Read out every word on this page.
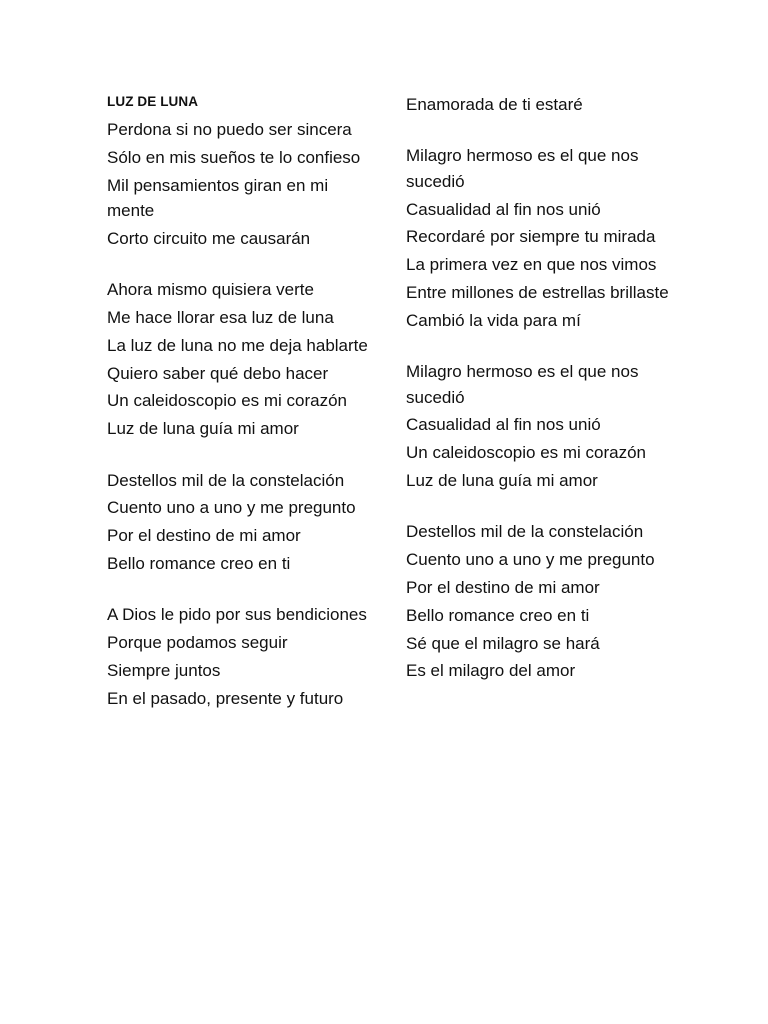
LUZ DE LUNA
Perdona si no puedo ser sincera
Sólo en mis sueños te lo confieso
Mil pensamientos giran en mi mente
Corto circuito me causarán
Ahora mismo quisiera verte
Me hace llorar esa luz de luna
La luz de luna no me deja hablarte
Quiero saber qué debo hacer
Un caleidoscopio es mi corazón
Luz de luna guía mi amor
Destellos mil de la constelación
Cuento uno a uno y me pregunto
Por el destino de mi amor
Bello romance creo en ti
A Dios le pido por sus bendiciones
Porque podamos seguir
Siempre juntos
En el pasado, presente y futuro
Enamorada de ti estaré
Milagro hermoso es el que nos sucedió
Casualidad al fin nos unió
Recordaré por siempre tu mirada
La primera vez en que nos vimos
Entre millones de estrellas brillaste
Cambió la vida para mí
Milagro hermoso es el que nos sucedió
Casualidad al fin nos unió
Un caleidoscopio es mi corazón
Luz de luna guía mi amor
Destellos mil de la constelación
Cuento uno a uno y me pregunto
Por el destino de mi amor
Bello romance creo en ti
Sé que el milagro se hará
Es el milagro del amor
